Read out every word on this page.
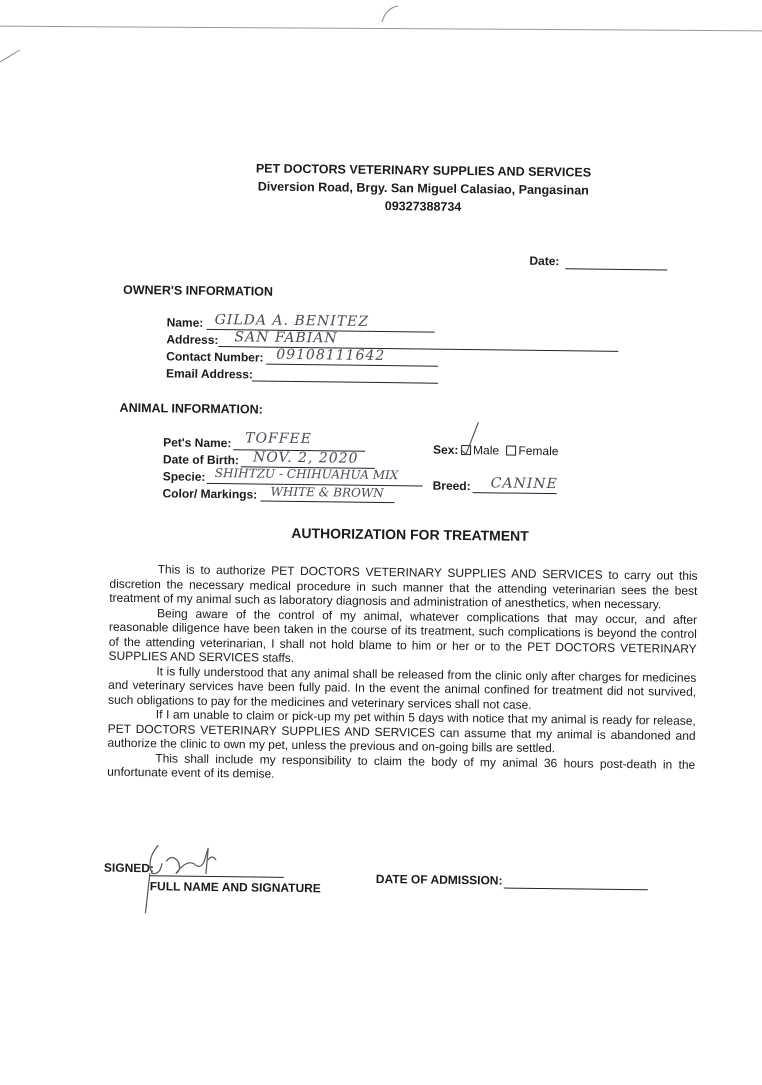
PET DOCTORS VETERINARY SUPPLIES AND SERVICES
Diversion Road, Brgy. San Miguel Calasiao, Pangasinan
09327388734
Date:
OWNER'S INFORMATION
Name: GILDA A. BENITEZ
Address: SAN FABIAN
Contact Number: 09108111642
Email Address:
ANIMAL INFORMATION:
Pet's Name: TOFFEE
Date of Birth: NOV. 2, 2020
Specie: SHIHTZU - CHIHUAHUA MIX
Color/ Markings: WHITE & BROWN
Sex:	Male Female
Breed: CANINE
AUTHORIZATION FOR TREATMENT

This is to authorize PET DOCTORS VETERINARY SUPPLIES AND SERVICES to carry out this discretion the necessary medical procedure in such manner that the attending veterinarian sees the best treatment of my animal such as laboratory diagnosis and administration of anesthetics, when necessary.

Being aware of the control of my animal, whatever complications that may occur, and after reasonable diligence have been taken in the course of its treatment, such complications is beyond the control of the attending veterinarian, I shall not hold blame to him or her or to the PET DOCTORS VETERINARY SUPPLIES AND SERVICES staffs.

It is fully understood that any animal shall be released from the clinic only after charges for medicines and veterinary services have been fully paid. In the event the animal confined for treatment did not survived, such obligations to pay for the medicines and veterinary services shall not case.

If I am unable to claim or pick-up my pet within 5 days with notice that my animal is ready for release, PET DOCTORS VETERINARY SUPPLIES AND SERVICES can assume that my animal is abandoned and authorize the clinic to own my pet, unless the previous and on-going bills are settled.

This shall include my responsibility to claim the body of my animal 36 hours post-death in the unfortunate event of its demise.

SIGNED:
FULL NAME AND SIGNATURE	DATE OF ADMISSION:
